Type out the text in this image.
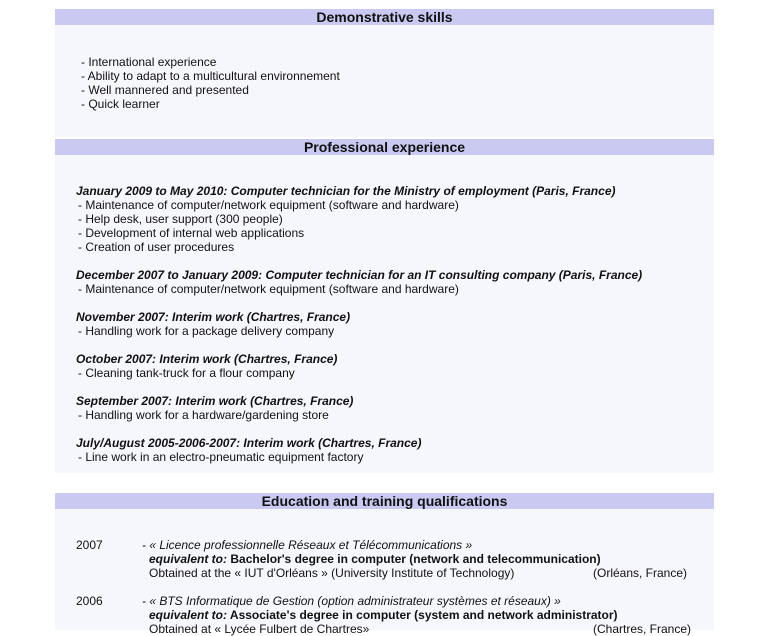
Demonstrative skills
- International experience
- Ability to adapt to a multicultural environnement
- Well mannered and presented
- Quick learner
Professional experience
January 2009 to May 2010: Computer technician for the Ministry of employment (Paris, France)
- Maintenance of computer/network equipment (software and hardware)
- Help desk, user support (300 people)
- Development of internal web applications
- Creation of user procedures
December 2007 to January 2009: Computer technician for an IT consulting company (Paris, France)
- Maintenance of computer/network equipment (software and hardware)
November 2007: Interim work (Chartres, France)
- Handling work for a package delivery company
October 2007: Interim work (Chartres, France)
- Cleaning tank-truck for a flour company
September 2007: Interim work (Chartres, France)
- Handling work for a hardware/gardening store
July/August 2005-2006-2007: Interim work (Chartres, France)
- Line work in an electro-pneumatic equipment factory
Education and training qualifications
2007	- « Licence professionnelle Réseaux et Télécommunications »
equivalent to: Bachelor's degree in computer (network and telecommunication)
Obtained at the « IUT d'Orléans » (University Institute of Technology)	(Orléans, France)
2006	- « BTS Informatique de Gestion (option administrateur systèmes et réseaux) »
equivalent to: Associate's degree in computer (system and network administrator)
Obtained at « Lycée Fulbert de Chartres»	(Chartres, France)
